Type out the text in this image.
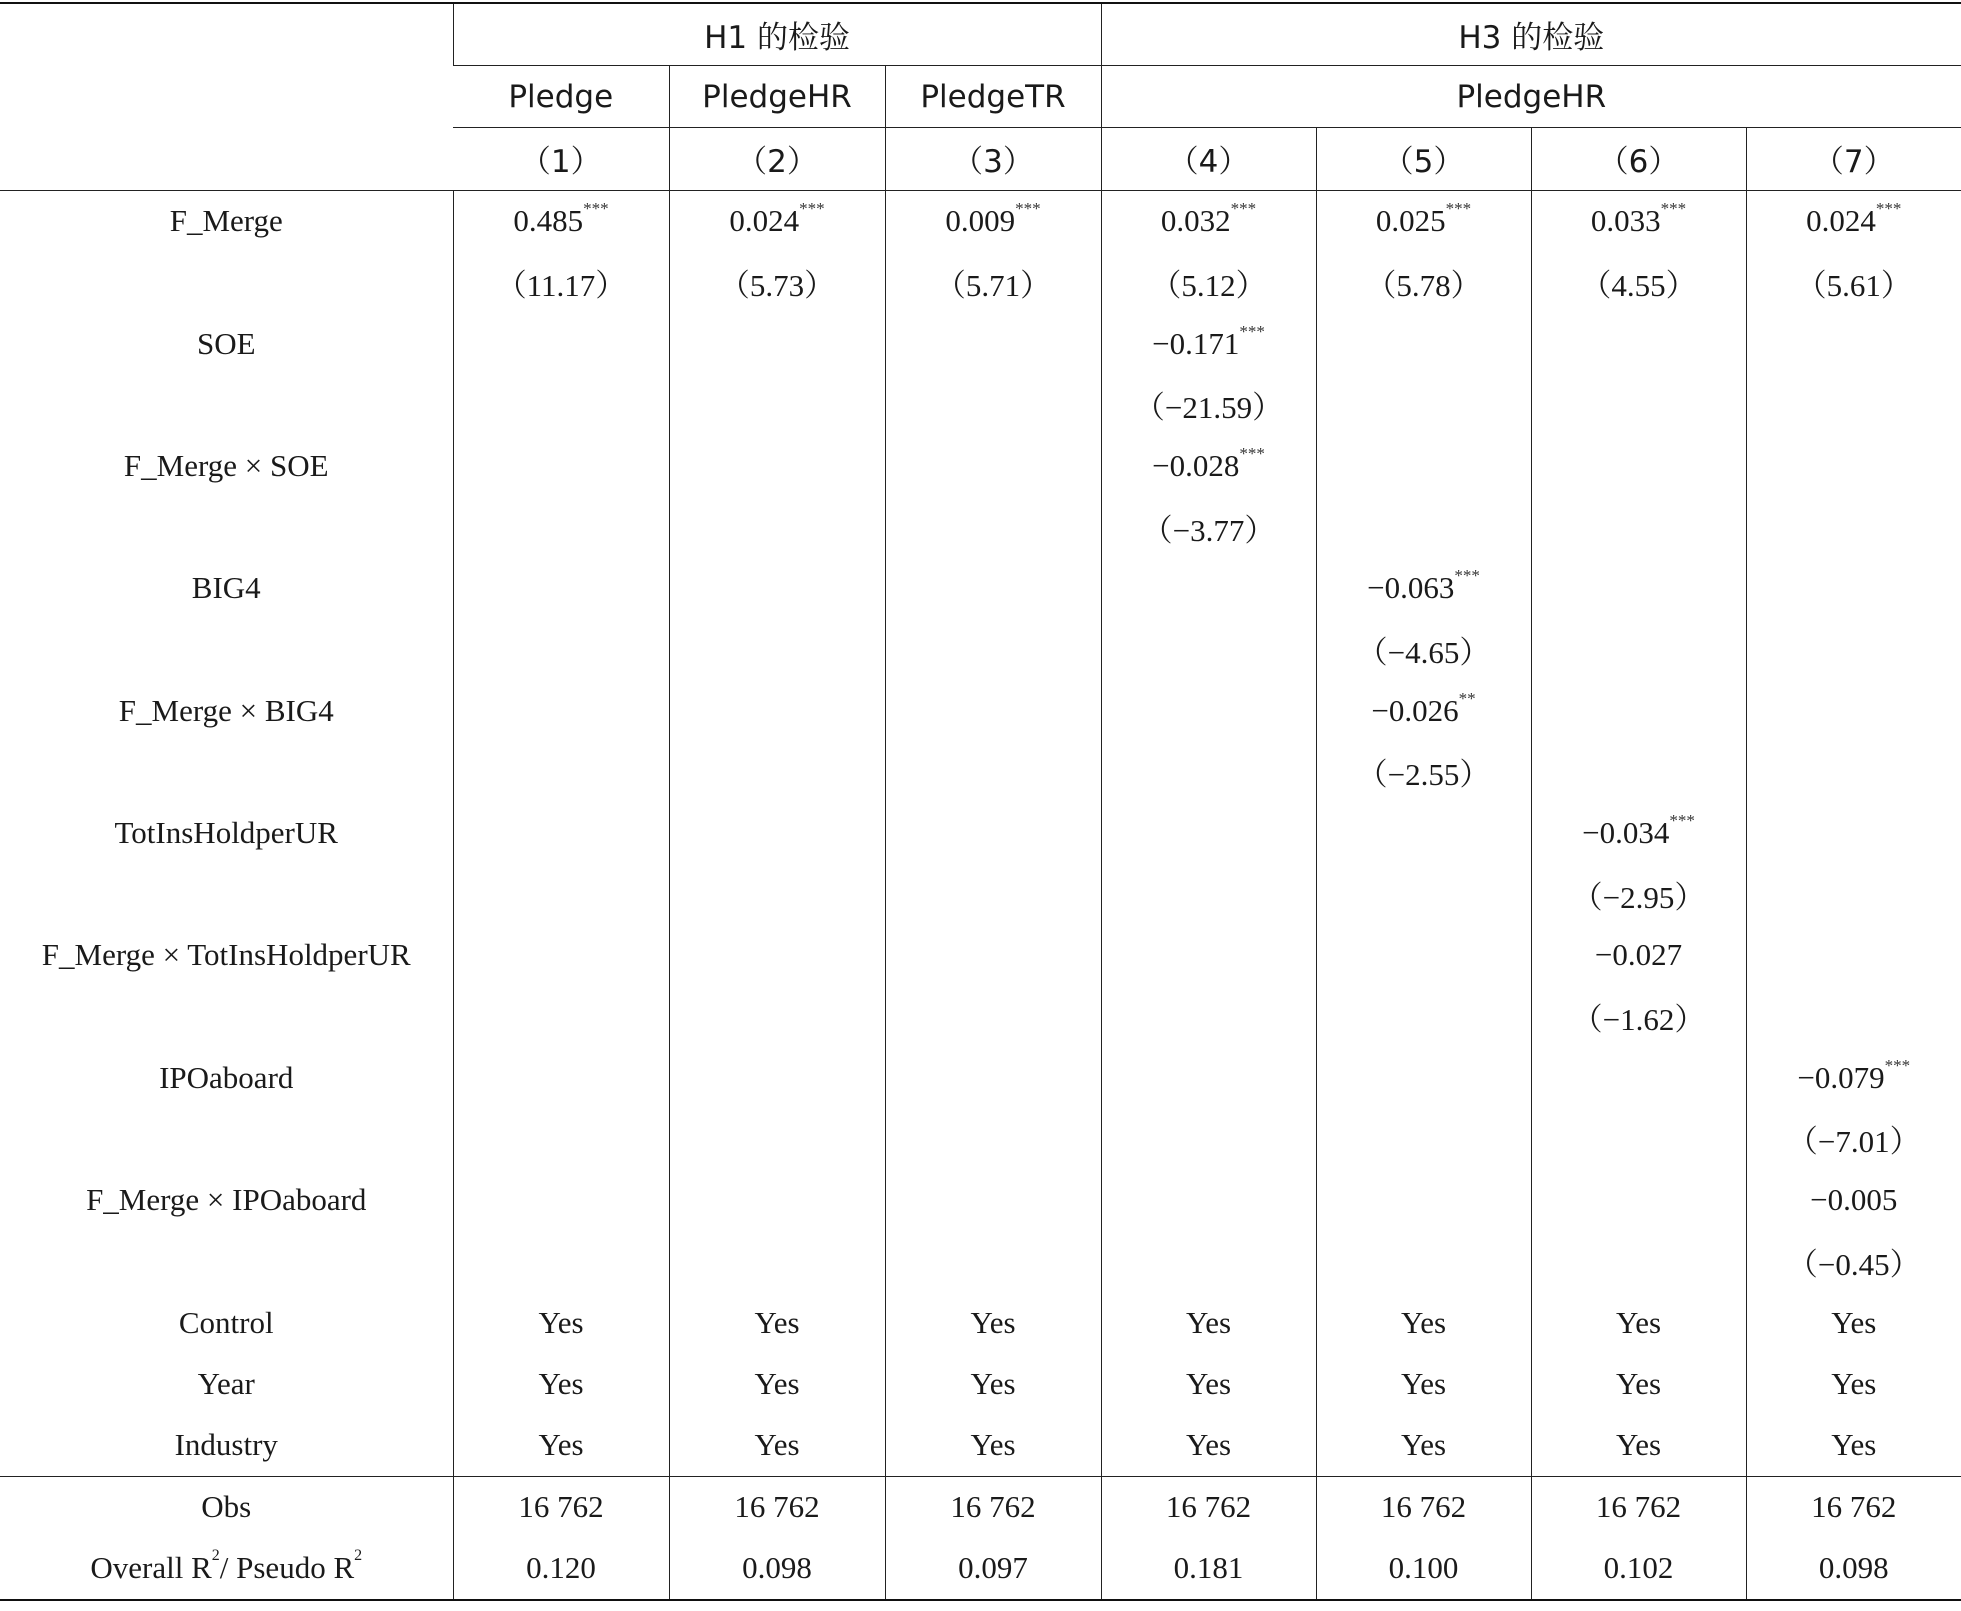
	H1 的检验			H3 的检验			
	Pledge	PledgeHR	PledgeTR	PledgeHR			
	（1）	（2）	（3）	（4）	（5）	（6）	（7）
F_Merge	0.485***	0.024***	0.009***	0.032***	0.025***	0.033***	0.024***
	（11.17）	（5.73）	（5.71）	（5.12）	（5.78）	（4.55）	（5.61）
SOE				−0.171***			
				（−21.59）			
F_Merge × SOE				−0.028***			
				（−3.77）			
BIG4					−0.063***		
					（−4.65）		
F_Merge × BIG4					−0.026**		
					（−2.55）		
TotInsHoldperUR						−0.034***	
						（−2.95）	
F_Merge × TotInsHoldperUR						−0.027	
						（−1.62）	
IPOaboard							−0.079***
							（−7.01）
F_Merge × IPOaboard							−0.005
							（−0.45）
Control	Yes	Yes	Yes	Yes	Yes	Yes	Yes
Year	Yes	Yes	Yes	Yes	Yes	Yes	Yes
Industry	Yes	Yes	Yes	Yes	Yes	Yes	Yes
Obs	16 762	16 762	16 762	16 762	16 762	16 762	16 762
Overall $R^2/$ Pseudo $R^2$	0.120	0.098	0.097	0.181	0.100	0.102	0.098
